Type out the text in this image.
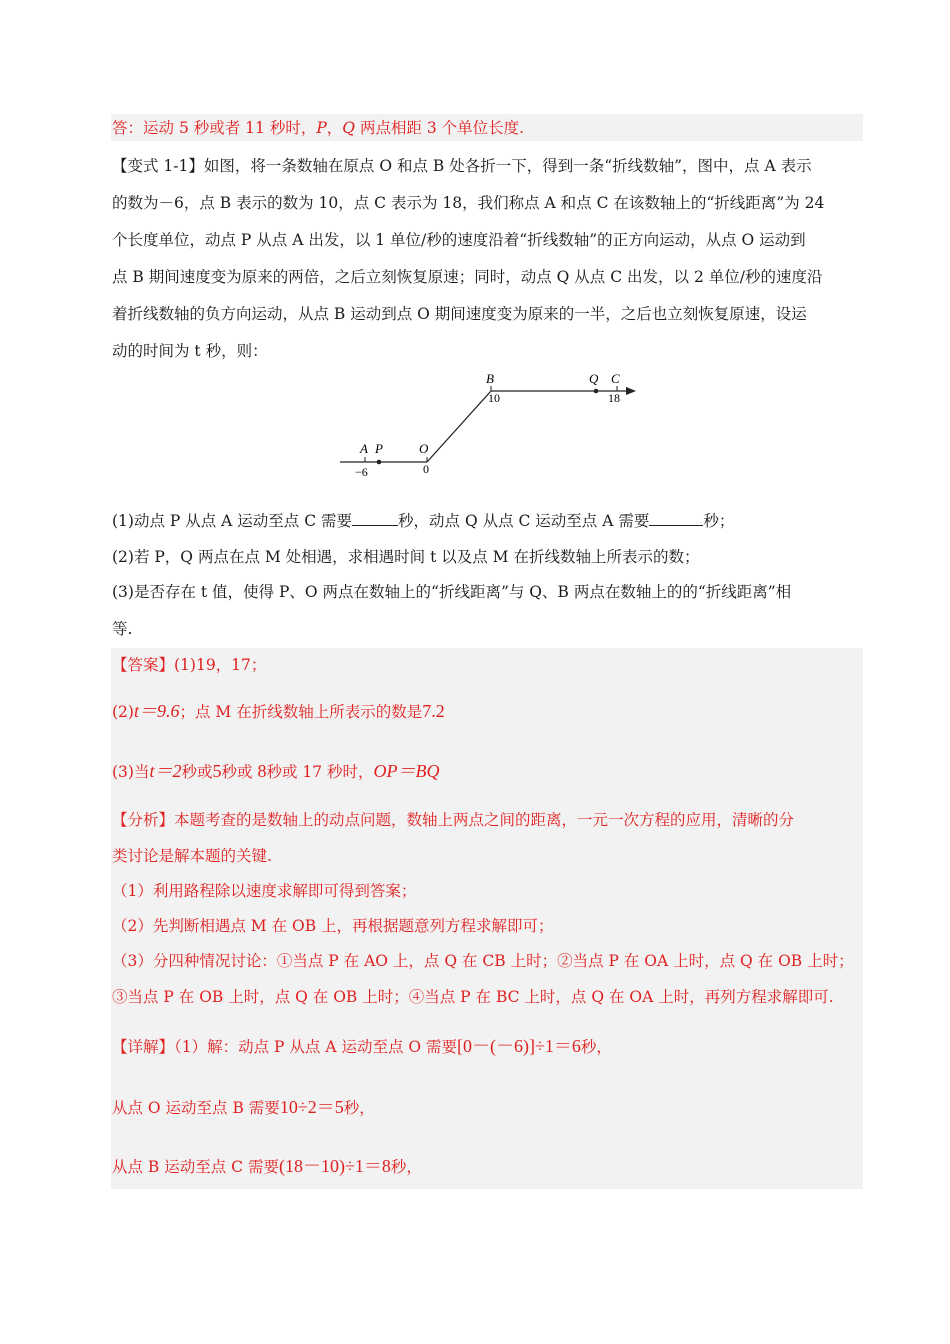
答：运动 5 秒或者 11 秒时，P，Q 两点相距 3 个单位长度.
【变式 1-1】如图，将一条数轴在原点 O 和点 B 处各折一下，得到一条“折线数轴”，图中，点 A 表示
的数为－6，点 B 表示的数为 10，点 C 表示为 18，我们称点 A 和点 C 在该数轴上的“折线距离”为 24
个长度单位，动点 P 从点 A 出发，以 1 单位/秒的速度沿着“折线数轴”的正方向运动，从点 O 运动到
点 B 期间速度变为原来的两倍，之后立刻恢复原速；同时，动点 Q 从点 C 出发，以 2 单位/秒的速度沿
着折线数轴的负方向运动，从点 B 运动到点 O 期间速度变为原来的一半，之后也立刻恢复原速，设运
动的时间为 t 秒，则：
A P	O
B	Q C
−6	0
10	18
(1)动点 P 从点 A 运动至点 C 需要	秒，动点 Q 从点 C 运动至点 A 需要	秒；
(2)若 P，Q 两点在点 M 处相遇，求相遇时间 t 以及点 M 在折线数轴上所表示的数；
(3)是否存在 t 值，使得 P、O 两点在数轴上的“折线距离”与 Q、B 两点在数轴上的的“折线距离”相
等.
【答案】(1)19，17；
(2)t＝9.6；点 M 在折线数轴上所表示的数是7.2
(3)当t＝2秒或5秒或 8秒或 17 秒时，OP＝BQ
【分析】本题考查的是数轴上的动点问题，数轴上两点之间的距离，一元一次方程的应用，清晰的分
类讨论是解本题的关键.
（1）利用路程除以速度求解即可得到答案；
（2）先判断相遇点 M 在 OB 上，再根据题意列方程求解即可；
（3）分四种情况讨论：①当点 P 在 AO 上，点 Q 在 CB 上时；②当点 P 在 OA 上时，点 Q 在 OB 上时；
③当点 P 在 OB 上时，点 Q 在 OB 上时；④当点 P 在 BC 上时，点 Q 在 OA 上时，再列方程求解即可.
【详解】（1）解：动点 P 从点 A 运动至点 O 需要[0－(－6)]÷1＝6秒，
从点 O 运动至点 B 需要10÷2＝5秒，
从点 B 运动至点 C 需要(18－10)÷1＝8秒，
